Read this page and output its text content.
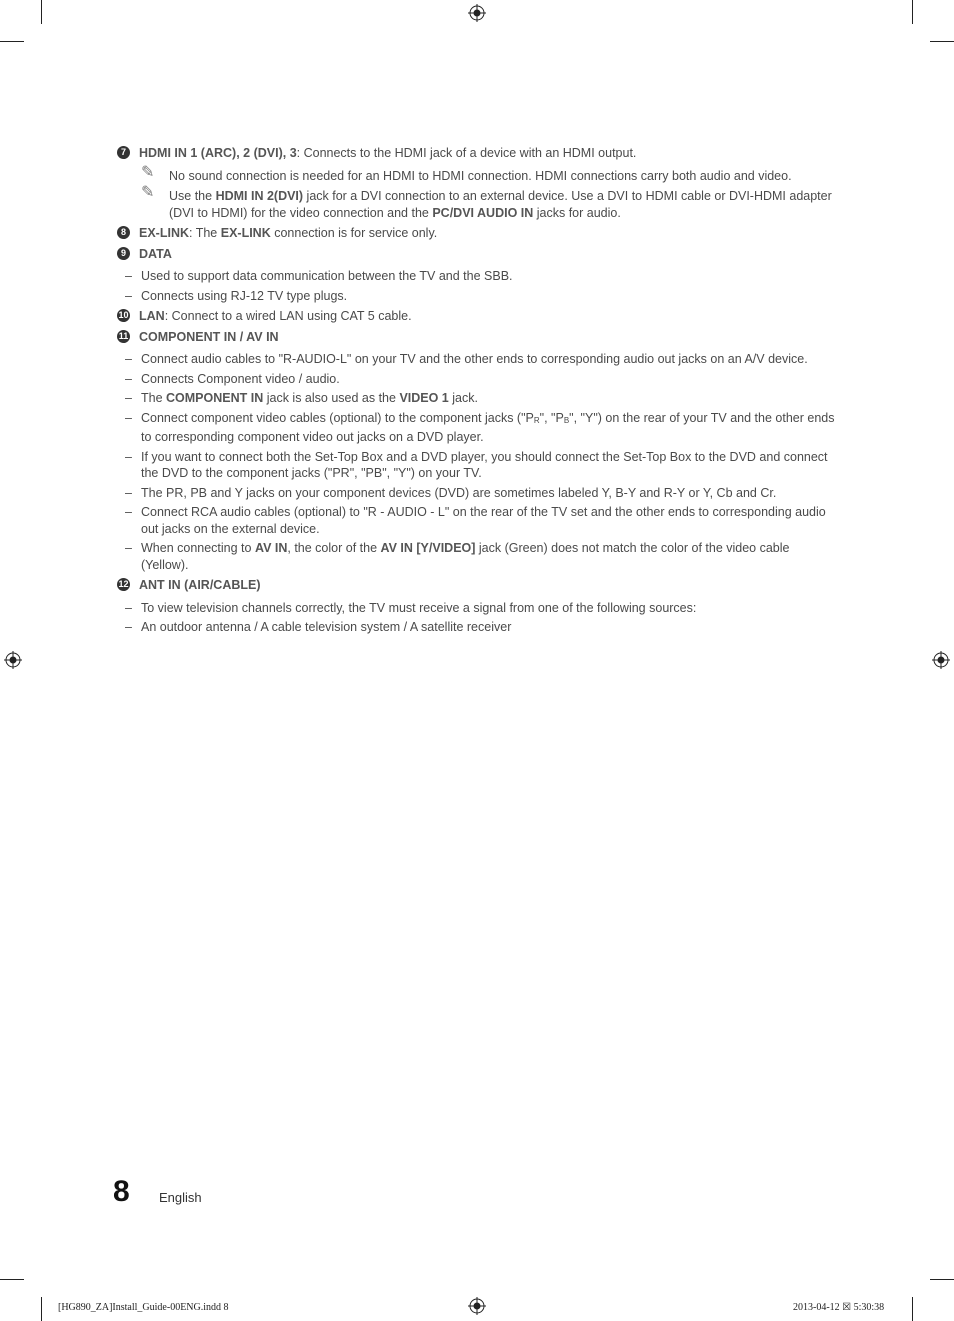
7	HDMI IN 1 (ARC), 2 (DVI), 3: Connects to the HDMI jack of a device with an HDMI output.
✎ No sound connection is needed for an HDMI to HDMI connection. HDMI connections carry both audio and video.
✎ Use the HDMI IN 2(DVI) jack for a DVI connection to an external device. Use a DVI to HDMI cable or DVI-HDMI adapter (DVI to HDMI) for the video connection and the PC/DVI AUDIO IN jacks for audio.
8	EX-LINK: The EX-LINK connection is for service only.
9	DATA
– Used to support data communication between the TV and the SBB.
– Connects using RJ-12 TV type plugs.
10 LAN: Connect to a wired LAN using CAT 5 cable.
11 COMPONENT IN / AV IN
– Connect audio cables to "R-AUDIO-L" on your TV and the other ends to corresponding audio out jacks on an A/V device.
– Connects Component video / audio.
– The COMPONENT IN jack is also used as the VIDEO 1 jack.
– Connect component video cables (optional) to the component jacks ("PR", "PB", "Y") on the rear of your TV and the other ends to corresponding component video out jacks on a DVD player.
– If you want to connect both the Set-Top Box and a DVD player, you should connect the Set-Top Box to the DVD and connect the DVD to the component jacks ("PR", "PB", "Y") on your TV.
– The PR, PB and Y jacks on your component devices (DVD) are sometimes labeled Y, B-Y and R-Y or Y, Cb and Cr.
– Connect RCA audio cables (optional) to "R - AUDIO - L" on the rear of the TV set and the other ends to corresponding audio out jacks on the external device.
– When connecting to AV IN, the color of the AV IN [Y/VIDEO] jack (Green) does not match the color of the video cable (Yellow).
12 ANT IN (AIR/CABLE)
– To view television channels correctly, the TV must receive a signal from one of the following sources:
– An outdoor antenna / A cable television system / A satellite receiver
8 English
[HG890_ZA]Install_Guide-00ENG.indd 8	2013-04-12 ☒ 5:30:38
